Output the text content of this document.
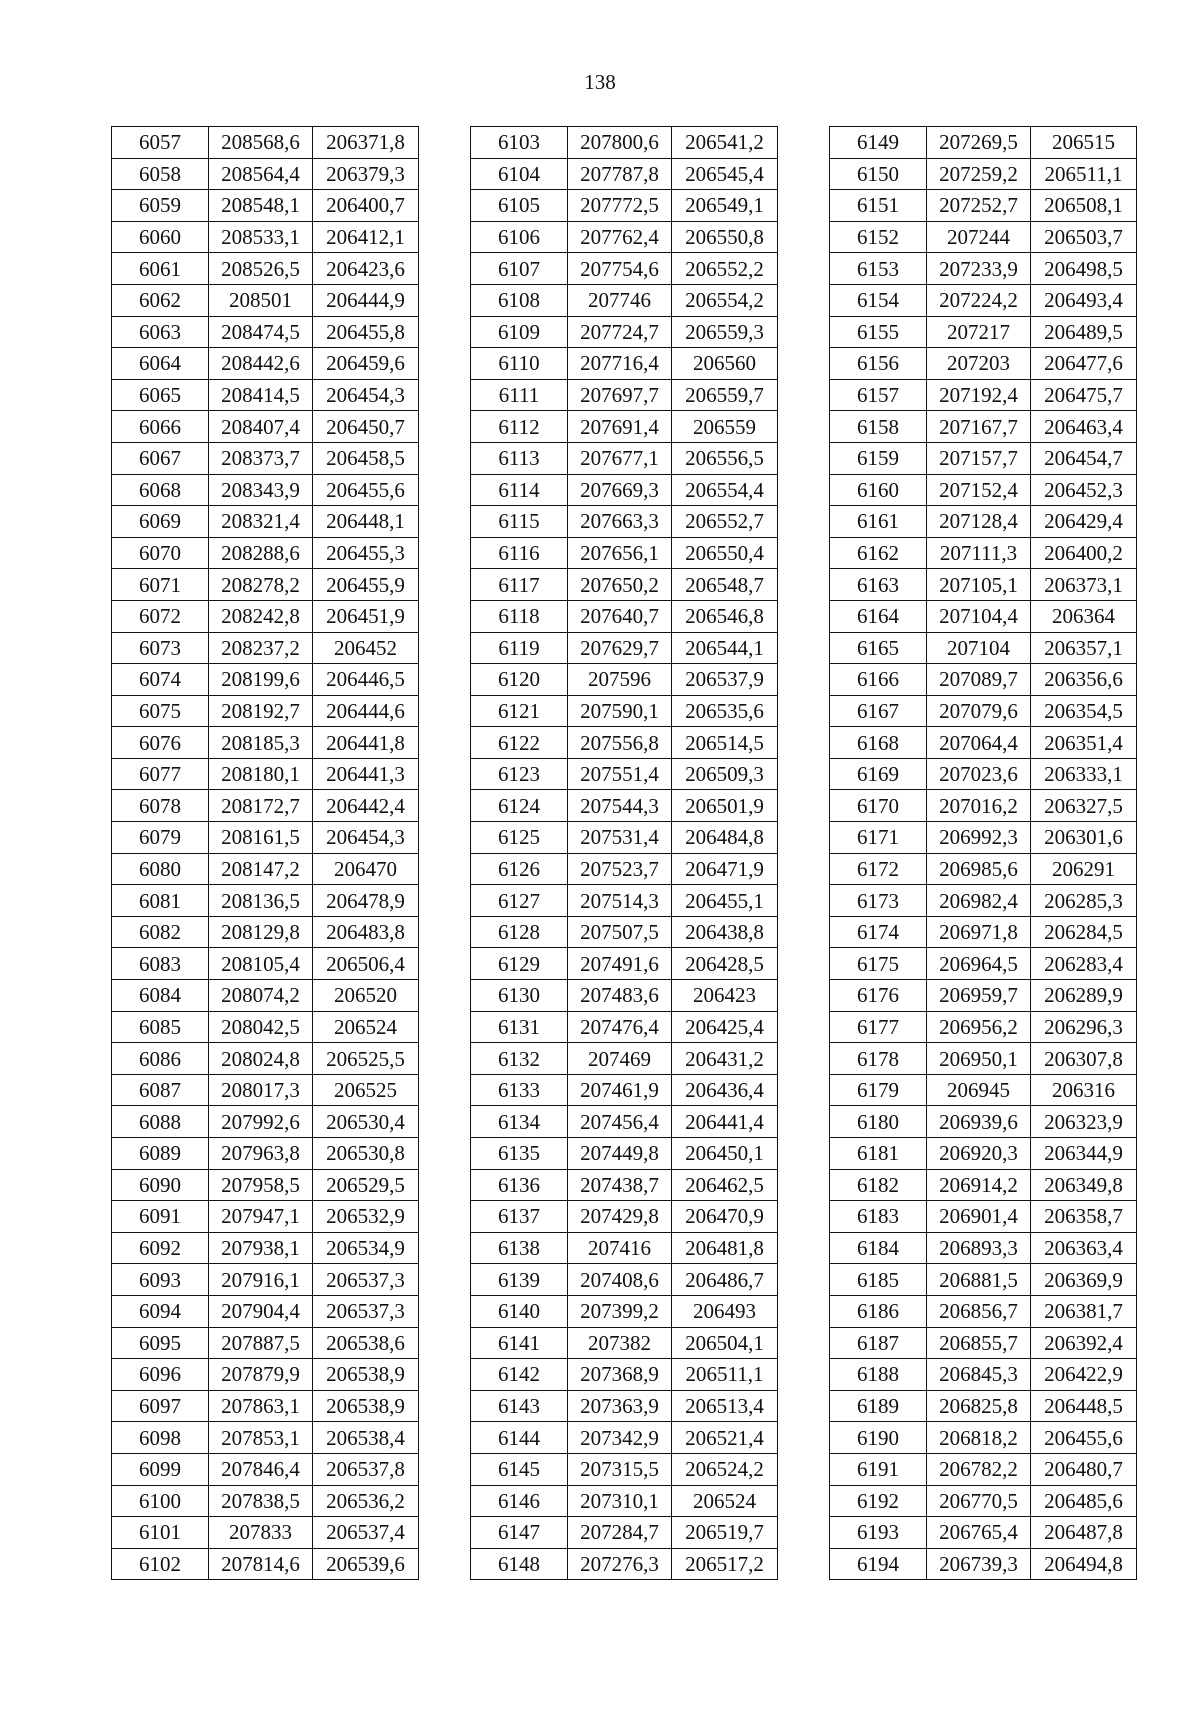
138
6057	208568,6	206371,8
6058	208564,4	206379,3
6059	208548,1	206400,7
6060	208533,1	206412,1
6061	208526,5	206423,6
6062	208501	206444,9
6063	208474,5	206455,8
6064	208442,6	206459,6
6065	208414,5	206454,3
6066	208407,4	206450,7
6067	208373,7	206458,5
6068	208343,9	206455,6
6069	208321,4	206448,1
6070	208288,6	206455,3
6071	208278,2	206455,9
6072	208242,8	206451,9
6073	208237,2	206452
6074	208199,6	206446,5
6075	208192,7	206444,6
6076	208185,3	206441,8
6077	208180,1	206441,3
6078	208172,7	206442,4
6079	208161,5	206454,3
6080	208147,2	206470
6081	208136,5	206478,9
6082	208129,8	206483,8
6083	208105,4	206506,4
6084	208074,2	206520
6085	208042,5	206524
6086	208024,8	206525,5
6087	208017,3	206525
6088	207992,6	206530,4
6089	207963,8	206530,8
6090	207958,5	206529,5
6091	207947,1	206532,9
6092	207938,1	206534,9
6093	207916,1	206537,3
6094	207904,4	206537,3
6095	207887,5	206538,6
6096	207879,9	206538,9
6097	207863,1	206538,9
6098	207853,1	206538,4
6099	207846,4	206537,8
6100	207838,5	206536,2
6101	207833	206537,4
6102	207814,6	206539,6
6103	207800,6	206541,2
6104	207787,8	206545,4
6105	207772,5	206549,1
6106	207762,4	206550,8
6107	207754,6	206552,2
6108	207746	206554,2
6109	207724,7	206559,3
6110	207716,4	206560
6111	207697,7	206559,7
6112	207691,4	206559
6113	207677,1	206556,5
6114	207669,3	206554,4
6115	207663,3	206552,7
6116	207656,1	206550,4
6117	207650,2	206548,7
6118	207640,7	206546,8
6119	207629,7	206544,1
6120	207596	206537,9
6121	207590,1	206535,6
6122	207556,8	206514,5
6123	207551,4	206509,3
6124	207544,3	206501,9
6125	207531,4	206484,8
6126	207523,7	206471,9
6127	207514,3	206455,1
6128	207507,5	206438,8
6129	207491,6	206428,5
6130	207483,6	206423
6131	207476,4	206425,4
6132	207469	206431,2
6133	207461,9	206436,4
6134	207456,4	206441,4
6135	207449,8	206450,1
6136	207438,7	206462,5
6137	207429,8	206470,9
6138	207416	206481,8
6139	207408,6	206486,7
6140	207399,2	206493
6141	207382	206504,1
6142	207368,9	206511,1
6143	207363,9	206513,4
6144	207342,9	206521,4
6145	207315,5	206524,2
6146	207310,1	206524
6147	207284,7	206519,7
6148	207276,3	206517,2
6149	207269,5	206515
6150	207259,2	206511,1
6151	207252,7	206508,1
6152	207244	206503,7
6153	207233,9	206498,5
6154	207224,2	206493,4
6155	207217	206489,5
6156	207203	206477,6
6157	207192,4	206475,7
6158	207167,7	206463,4
6159	207157,7	206454,7
6160	207152,4	206452,3
6161	207128,4	206429,4
6162	207111,3	206400,2
6163	207105,1	206373,1
6164	207104,4	206364
6165	207104	206357,1
6166	207089,7	206356,6
6167	207079,6	206354,5
6168	207064,4	206351,4
6169	207023,6	206333,1
6170	207016,2	206327,5
6171	206992,3	206301,6
6172	206985,6	206291
6173	206982,4	206285,3
6174	206971,8	206284,5
6175	206964,5	206283,4
6176	206959,7	206289,9
6177	206956,2	206296,3
6178	206950,1	206307,8
6179	206945	206316
6180	206939,6	206323,9
6181	206920,3	206344,9
6182	206914,2	206349,8
6183	206901,4	206358,7
6184	206893,3	206363,4
6185	206881,5	206369,9
6186	206856,7	206381,7
6187	206855,7	206392,4
6188	206845,3	206422,9
6189	206825,8	206448,5
6190	206818,2	206455,6
6191	206782,2	206480,7
6192	206770,5	206485,6
6193	206765,4	206487,8
6194	206739,3	206494,8
